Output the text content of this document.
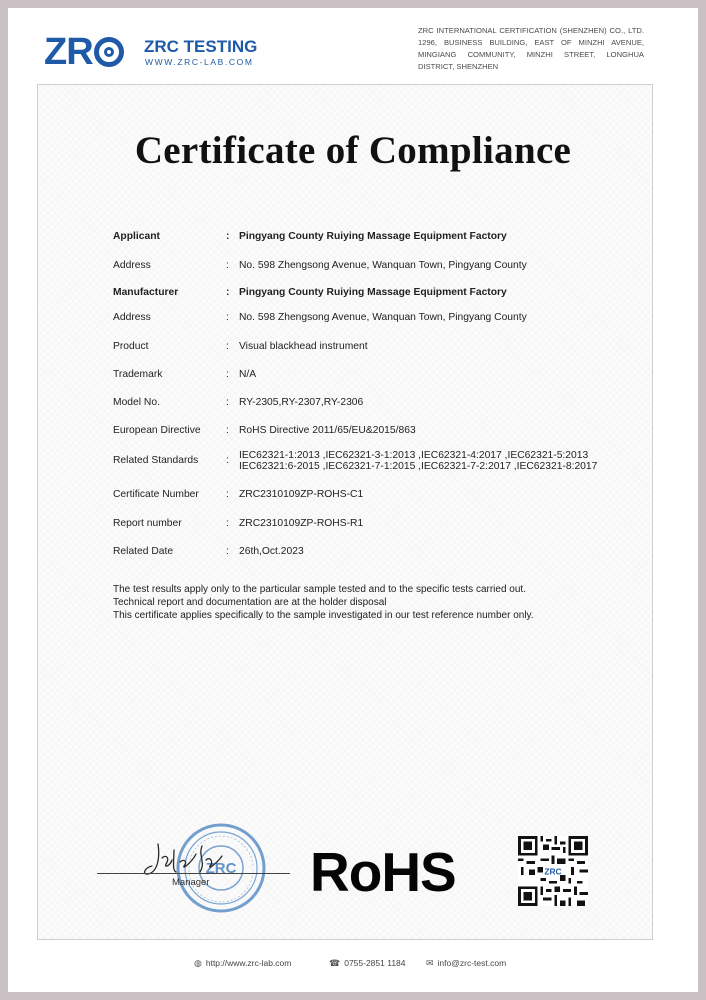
Z R	ZRC TESTING
WWW.ZRC-LAB.COM
ZRC INTERNATIONAL CERTIFICATION (SHENZHEN) CO., LTD. 1296, BUSINESS BUILDING, EAST OF MINZHI AVENUE, MINGIANG COMMUNITY, MINZHI STREET, LONGHUA DISTRICT, SHENZHEN
Certificate of Compliance
Applicant	: Pingyang County Ruiying Massage Equipment Factory
Address	: No. 598 Zhengsong Avenue, Wanquan Town, Pingyang County
Manufacturer	: Pingyang County Ruiying Massage Equipment Factory
Address	: No. 598 Zhengsong Avenue, Wanquan Town, Pingyang County
Product	: Visual blackhead instrument
Trademark	: N/A
Model No.	: RY-2305,RY-2307,RY-2306
European Directive : RoHS Directive 2011/65/EU&2015/863
Related Standards	: IEC62321-1:2013 ,IEC62321-3-1:2013 ,IEC62321-4:2017 ,IEC62321-5:2013
IEC62321:6-2015 ,IEC62321-7-1:2015 ,IEC62321-7-2:2017 ,IEC62321-8:2017
Certificate Number	: ZRC2310109ZP-ROHS-C1
Report number	: ZRC2310109ZP-ROHS-R1
Related Date	: 26th,Oct.2023
The test results apply only to the particular sample tested and to the specific tests carried out.
Technical report and documentation are at the holder disposal
This certificate applies specifically to the sample investigated in our test reference number only.
ZRC
Manager RoHS	ZRC
◍ http://www.zrc-lab.com	☎ 0755-2851 1184 ✉ info@zrc-test.com
